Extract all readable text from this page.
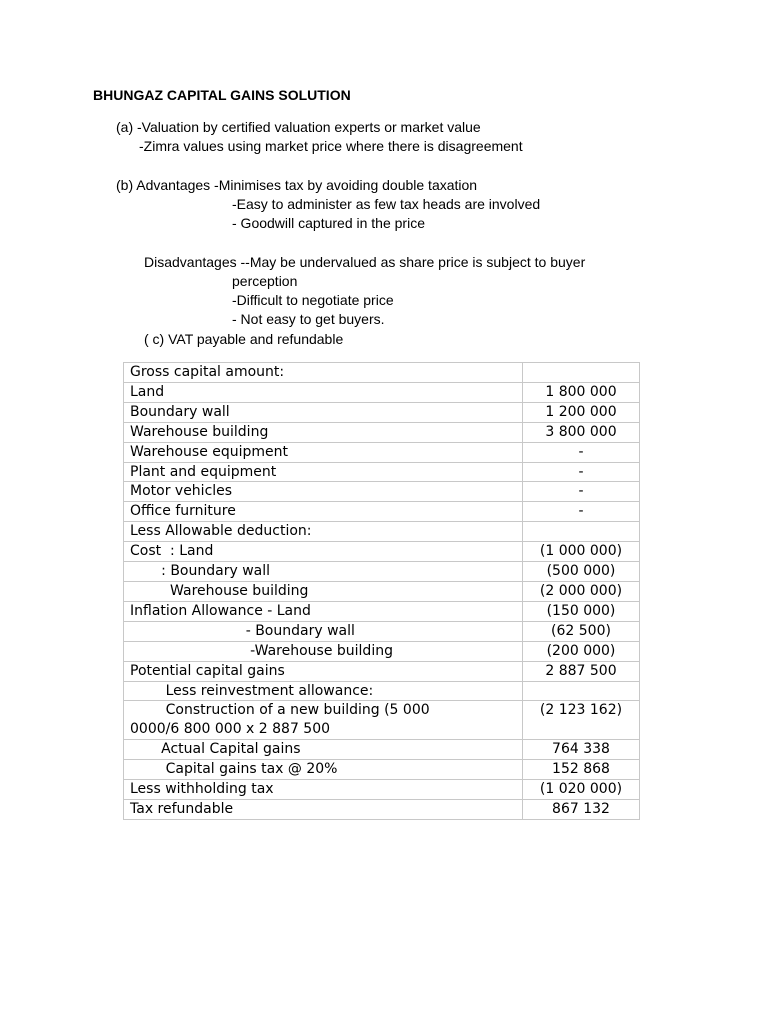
BHUNGAZ CAPITAL GAINS SOLUTION
(a) -Valuation by certified valuation experts or market value
-Zimra values using market price where there is disagreement
(b) Advantages -Minimises tax by avoiding double taxation
-Easy to administer as few tax heads are involved
- Goodwill captured in the price
Disadvantages --May be undervalued as share price is subject to buyer
perception
-Difficult to negotiate price
- Not easy to get buyers.
( c) VAT payable and refundable
Gross capital amount:	
Land	1 800 000
Boundary wall	1 200 000
Warehouse building	3 800 000
Warehouse equipment	-
Plant and equipment	-
Motor vehicles	-
Office furniture	-
Less Allowable deduction:	
Cost  : Land	(1 000 000)
: Boundary wall	(500 000)
Warehouse building	(2 000 000)
Inflation Allowance - Land	(150 000)
- Boundary wall	(62 500)
-Warehouse building	(200 000)
Potential capital gains	2 887 500
Less reinvestment allowance:	
Construction of a new building (5 000
0000/6 800 000 x 2 887 500	(2 123 162)
Actual Capital gains	764 338
Capital gains tax @ 20%	152 868
Less withholding tax	(1 020 000)
Tax refundable	867 132
